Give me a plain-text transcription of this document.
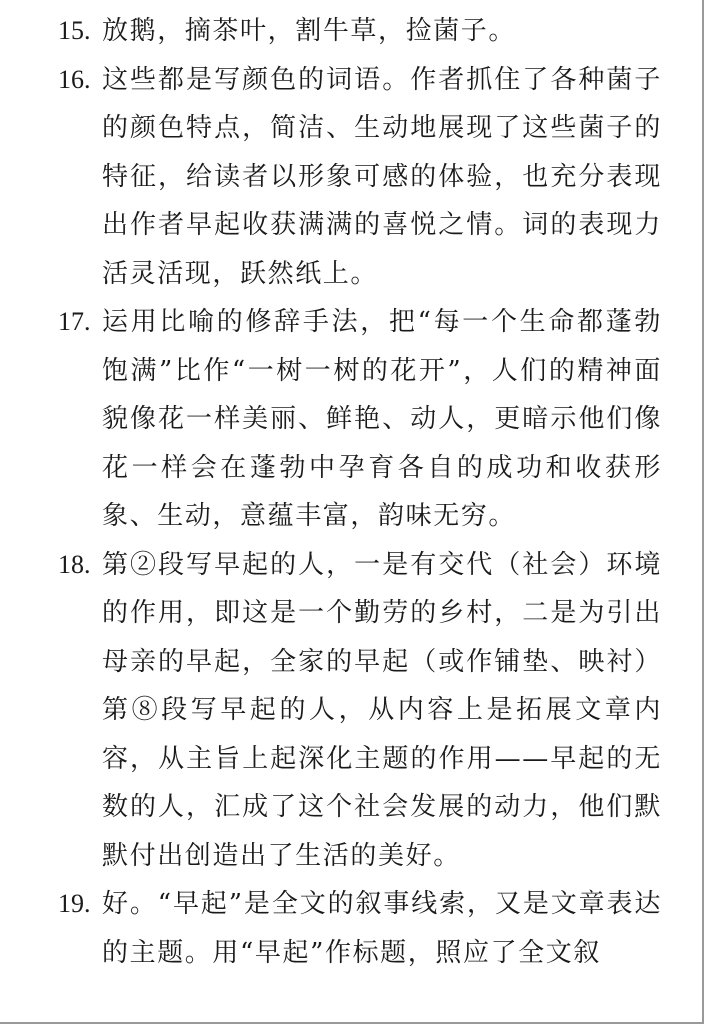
15. 放鹅，摘茶叶，割牛草，捡菌子。
16. 这些都是写颜色的词语。作者抓住了各种菌子的颜色特点，简洁、生动地展现了这些菌子的特征，给读者以形象可感的体验，也充分表现出作者早起收获满满的喜悦之情。词的表现力活灵活现，跃然纸上。
17. 运用比喻的修辞手法，把“每一个生命都蓬勃饱满”比作“一树一树的花开”，人们的精神面貌像花一样美丽、鲜艳、动人，更暗示他们像花一样会在蓬勃中孕育各自的成功和收获形象、生动，意蕴丰富，韵味无穷。
18. 第②段写早起的人，一是有交代（社会）环境的作用，即这是一个勤劳的乡村，二是为引出母亲的早起，全家的早起（或作铺垫、映衬）第⑧段写早起的人，从内容上是拓展文章内容，从主旨上起深化主题的作用——早起的无数的人，汇成了这个社会发展的动力，他们默默付出创造出了生活的美好。
19. 好。“早起”是全文的叙事线索，又是文章表达的主题。用“早起”作标题，照应了全文叙
